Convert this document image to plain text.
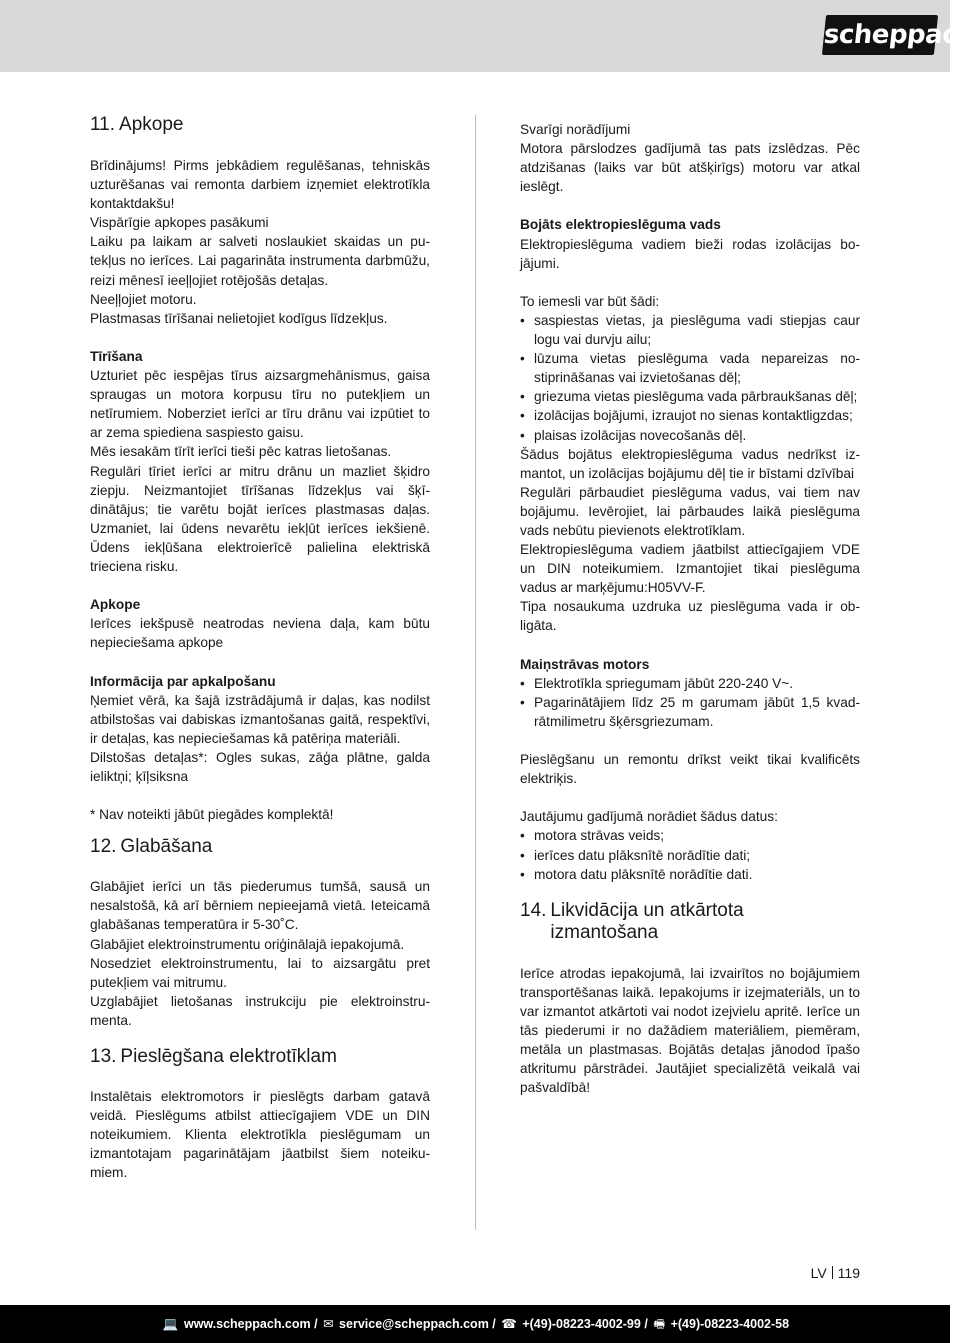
scheppach
11. Apkope

Brīdinājums! Pirms jebkādiem regulēšanas, tehniskās uzturēšanas vai remonta darbiem izņemiet elektrotīkla kontaktdakšu!

Vispārīgie apkopes pasākumi

Laiku pa laikam ar salveti noslaukiet skaidas un putekļus no ierīces. Lai pagarināta instrumenta darbmūžu, reizi mēnesī ieeļļojiet rotējošās detaļas.

Neeļļojiet motoru.

Plastmasas tīrīšanai nelietojiet kodīgus līdzekļus.

Tīrīšana

Uzturiet pēc iespējas tīrus aizsargmehānismus, gaisa spraugas un motora korpusu tīru no putekļiem un netīrumiem. Noberziet ierīci ar tīru drānu vai izpūtiet to ar zema spiediena saspiesto gaisu.

Mēs iesakām tīrīt ierīci tieši pēc katras lietošanas.

Regulāri tīriet ierīci ar mitru drānu un mazliet šķidro ziepju. Neizmantojiet tīrīšanas līdzekļus vai šķīdinātājus; tie varētu bojāt ierīces plastmasas daļas. Uzmaniet, lai ūdens nevarētu iekļūt ierīces iekšienē. Ūdens iekļūšana elektroierīcē palielina elektriskā trieciena risku.

Apkope

Ierīces iekšpusē neatrodas neviena daļa, kam būtu nepieciešama apkope

Informācija par apkalpošanu

Ņemiet vērā, ka šajā izstrādājumā ir daļas, kas nodilst atbilstošas vai dabiskas izmantošanas gaitā, respektīvi, ir detaļas, kas nepieciešamas kā patēriņa materiāli.

Dilstošas detaļas*: Ogles sukas, zāģa plātne, galda ieliktņi; ķīļsiksna

* Nav noteikti jābūt piegādes komplektā!

12. Glabāšana

Glabājiet ierīci un tās piederumus tumšā, sausā un nesalstošā, kā arī bērniem nepieejamā vietā. Ieteicamā glabāšanas temperatūra ir 5-30˚C.

Glabājiet elektroinstrumentu oriģinālajā iepakojumā.

Nosedziet elektroinstrumentu, lai to aizsargātu pret putekļiem vai mitrumu.

Uzglabājiet lietošanas instrukciju pie elektroinstrumenta.

13. Pieslēgšana elektrotīklam

Instalētais elektromotors ir pieslēgts darbam gatavā veidā. Pieslēgums atbilst attiecīgajiem VDE un DIN noteikumiem. Klienta elektrotīkla pieslēgumam un izmantotajam pagarinātājam jāatbilst šiem noteikumiem.

Svarīgi norādījumi

Motora pārslodzes gadījumā tas pats izslēdzas. Pēc atdzišanas (laiks var būt atšķirīgs) motoru var atkal ieslēgt.

Bojāts elektropieslēguma vads

Elektropieslēguma vadiem bieži rodas izolācijas bojājumi.

To iemesli var būt šādi:

• saspiestas vietas, ja pieslēguma vadi stiepjas caur logu vai durvju ailu;
• lūzuma vietas pieslēguma vada nepareizas nostiprināšanas vai izvietošanas dēļ;
• griezuma vietas pieslēguma vada pārbraukšanas dēļ;
• izolācijas bojājumi, izraujot no sienas kontaktligzdas;
• plaisas izolācijas novecošanās dēļ.

Šādus bojātus elektropieslēguma vadus nedrīkst izmantot, un izolācijas bojājumu dēļ tie ir bīstami dzīvībai

Regulāri pārbaudiet pieslēguma vadus, vai tiem nav bojājumu. Ievērojiet, lai pārbaudes laikā pieslēguma vads nebūtu pievienots elektrotīklam.

Elektropieslēguma vadiem jāatbilst attiecīgajiem VDE un DIN noteikumiem. Izmantojiet tikai pieslēguma vadus ar marķējumu:H05VV-F.

Tipa nosaukuma uzdruka uz pieslēguma vada ir obligāta.

Maiņstrāvas motors

• Elektrotīkla spriegumam jābūt 220-240 V~.
• Pagarinātājiem līdz 25 m garumam jābūt 1,5 kvadrātmilimetru šķērsgriezumam.

Pieslēgšanu un remontu drīkst veikt tikai kvalificēts elektriķis.

Jautājumu gadījumā norādiet šādus datus:

• motora strāvas veids;
• ierīces datu plāksnītē norādītie dati;
• motora datu plāksnītē norādītie dati.
14. Likvidācija un atkārtota
izmantošana

Ierīce atrodas iepakojumā, lai izvairītos no bojājumiem transportēšanas laikā. Iepakojums ir izejmateriāls, un to var izmantot atkārtoti vai nodot izejvielu apritē. Ierīce un tās piederumi ir no dažādiem materiāliem, piemēram, metāla un plastmasas. Bojātās detaļas jānodod īpašo atkritumu pārstrādei. Jautājiet specializētā veikalā vai pašvaldībā!

LV 119
💻 www.scheppach.com / ✉ service@scheppach.com / ☎ +(49)-08223-4002-99 / 🖷 +(49)-08223-4002-58
